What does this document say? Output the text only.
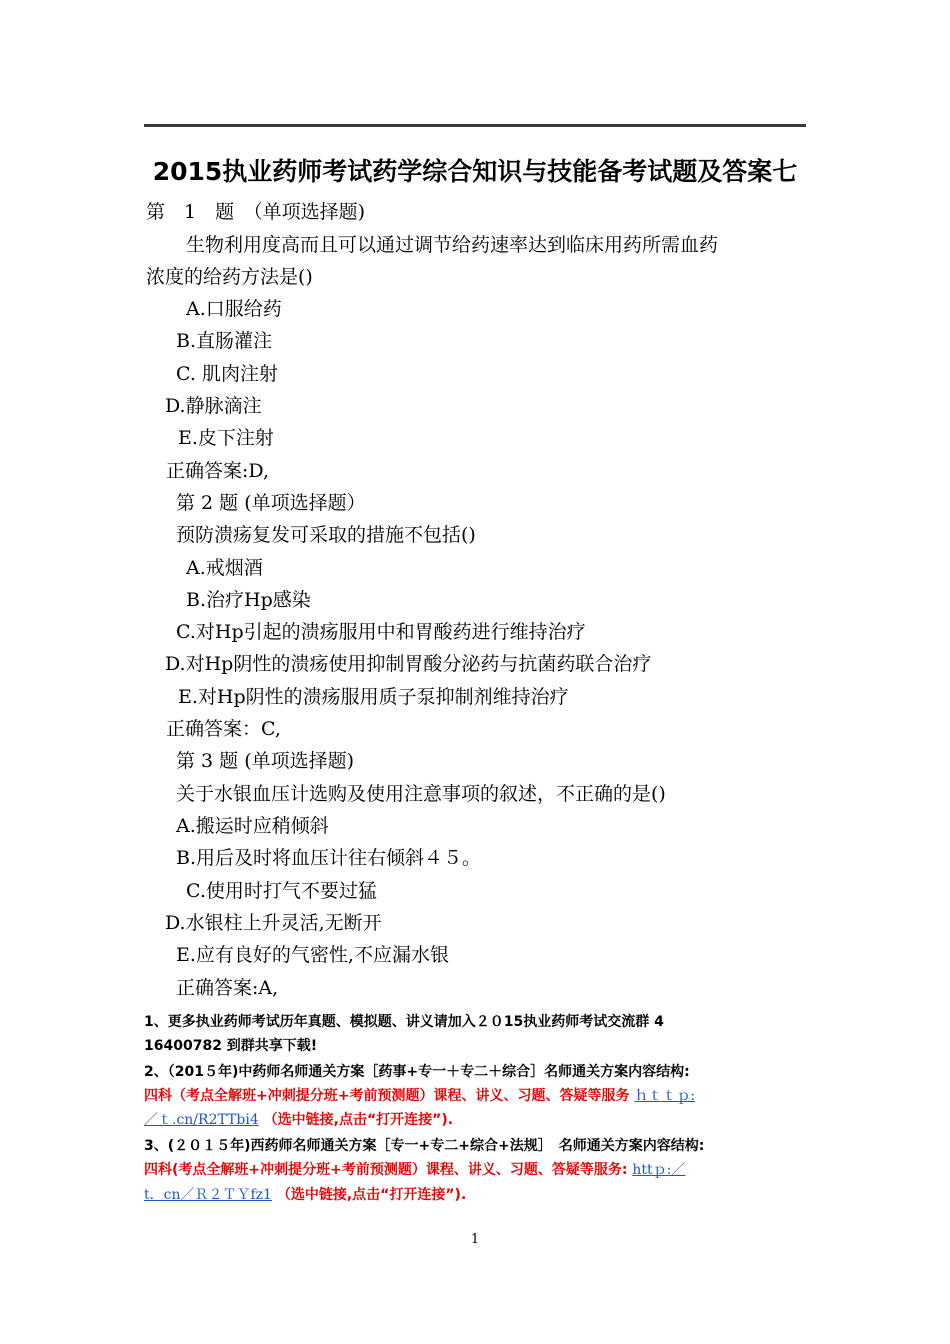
2015执业药师考试药学综合知识与技能备考试题及答案七
第　1　题　（单项选择题)
生物利用度高而且可以通过调节给药速率达到临床用药所需血药
浓度的给药方法是()
A.口服给药
B.直肠灌注
C. 肌肉注射
D.静脉滴注
E.皮下注射
正确答案:D,
第 2 题 (单项选择题）
预防溃疡复发可采取的措施不包括()
A.戒烟酒
B.治疗Hp感染
C.对Hp引起的溃疡服用中和胃酸药进行维持治疗
D.对Hp阴性的溃疡使用抑制胃酸分泌药与抗菌药联合治疗
E.对Hp阴性的溃疡服用质子泵抑制剂维持治疗
正确答案：C,
第 3 题 (单项选择题)
关于水银血压计选购及使用注意事项的叙述，不正确的是()
A.搬运时应稍倾斜
B.用后及时将血压计往右倾斜４５。
C.使用时打气不要过猛
D.水银柱上升灵活,无断开
E.应有良好的气密性,不应漏水银
正确答案:A,
1、更多执业药师考试历年真题、模拟题、讲义请加入２０15执业药师考试交流群 4
16400782 到群共享下载!
2、（201５年)中药师名师通关方案［药事+专一＋专二＋综合］名师通关方案内容结构:
四科（考点全解班+冲刺提分班+考前预测题）课程、讲义、习题、答疑等服务 ｈｔｔｐ:
／ｔ.cn/R2TTbi4 （选中链接,点击“打开连接”).
3、(２０１５年)西药师名师通关方案［专一+专二+综合+法规］　名师通关方案内容结构:
四科(考点全解班+冲刺提分班+考前预测题）课程、讲义、习题、答疑等服务: httｐ:／
t．cn／Ｒ２ＴＹfz1 （选中链接,点击“打开连接”).
1
